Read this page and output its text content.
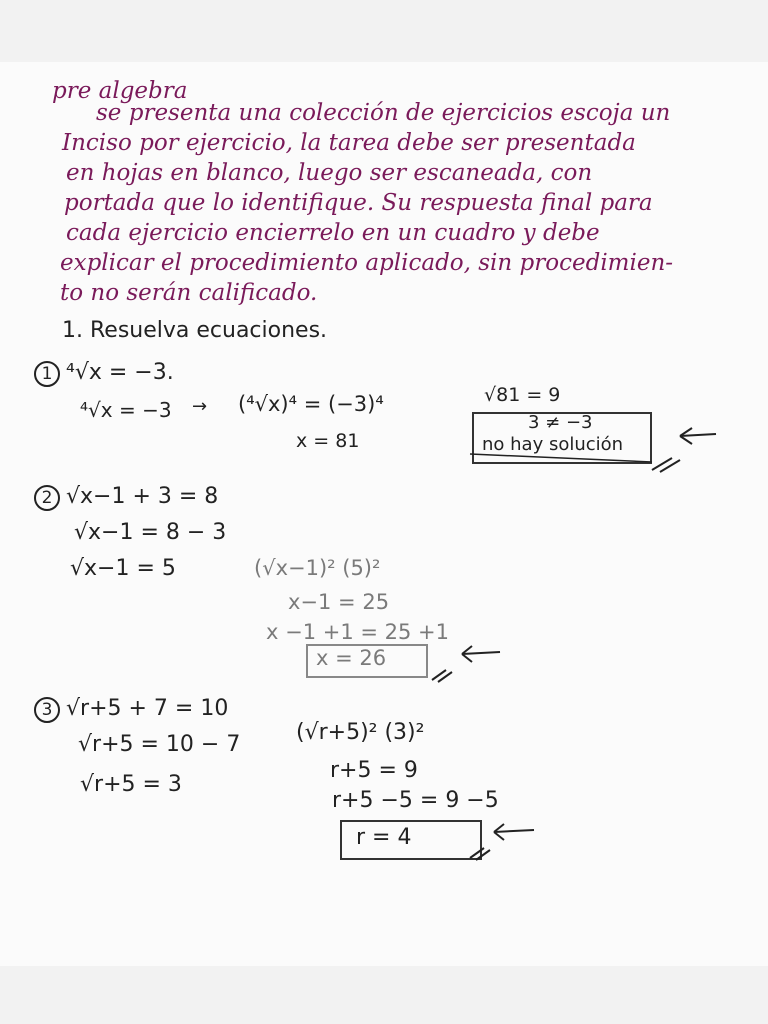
pre algebra
se presenta una colección de ejercicios escoja un
Inciso por ejercicio, la tarea debe ser presentada
en hojas en blanco, luego ser escaneada, con
portada que lo identifique. Su respuesta final para
cada ejercicio encierrelo en un cuadro y debe
explicar el procedimiento aplicado, sin procedimien-
to no serán calificado.
1. Resuelva ecuaciones.
1 ⁴√x = −3.
⁴√x = −3 → (⁴√x)⁴ = (−3)⁴	√81 = 9
x = 81
3 ≠ −3
no hay solución
2 √x−1 + 3 = 8
√x−1 = 8 − 3
√x−1 = 5	(√x−1)² (5)²
x−1 = 25
x −1 +1 = 25 +1
x = 26
3 √r+5 + 7 = 10
√r+5 = 10 − 7
√r+5 = 3
(√r+5)² (3)²
r+5 = 9
r+5 −5 = 9 −5
r = 4
